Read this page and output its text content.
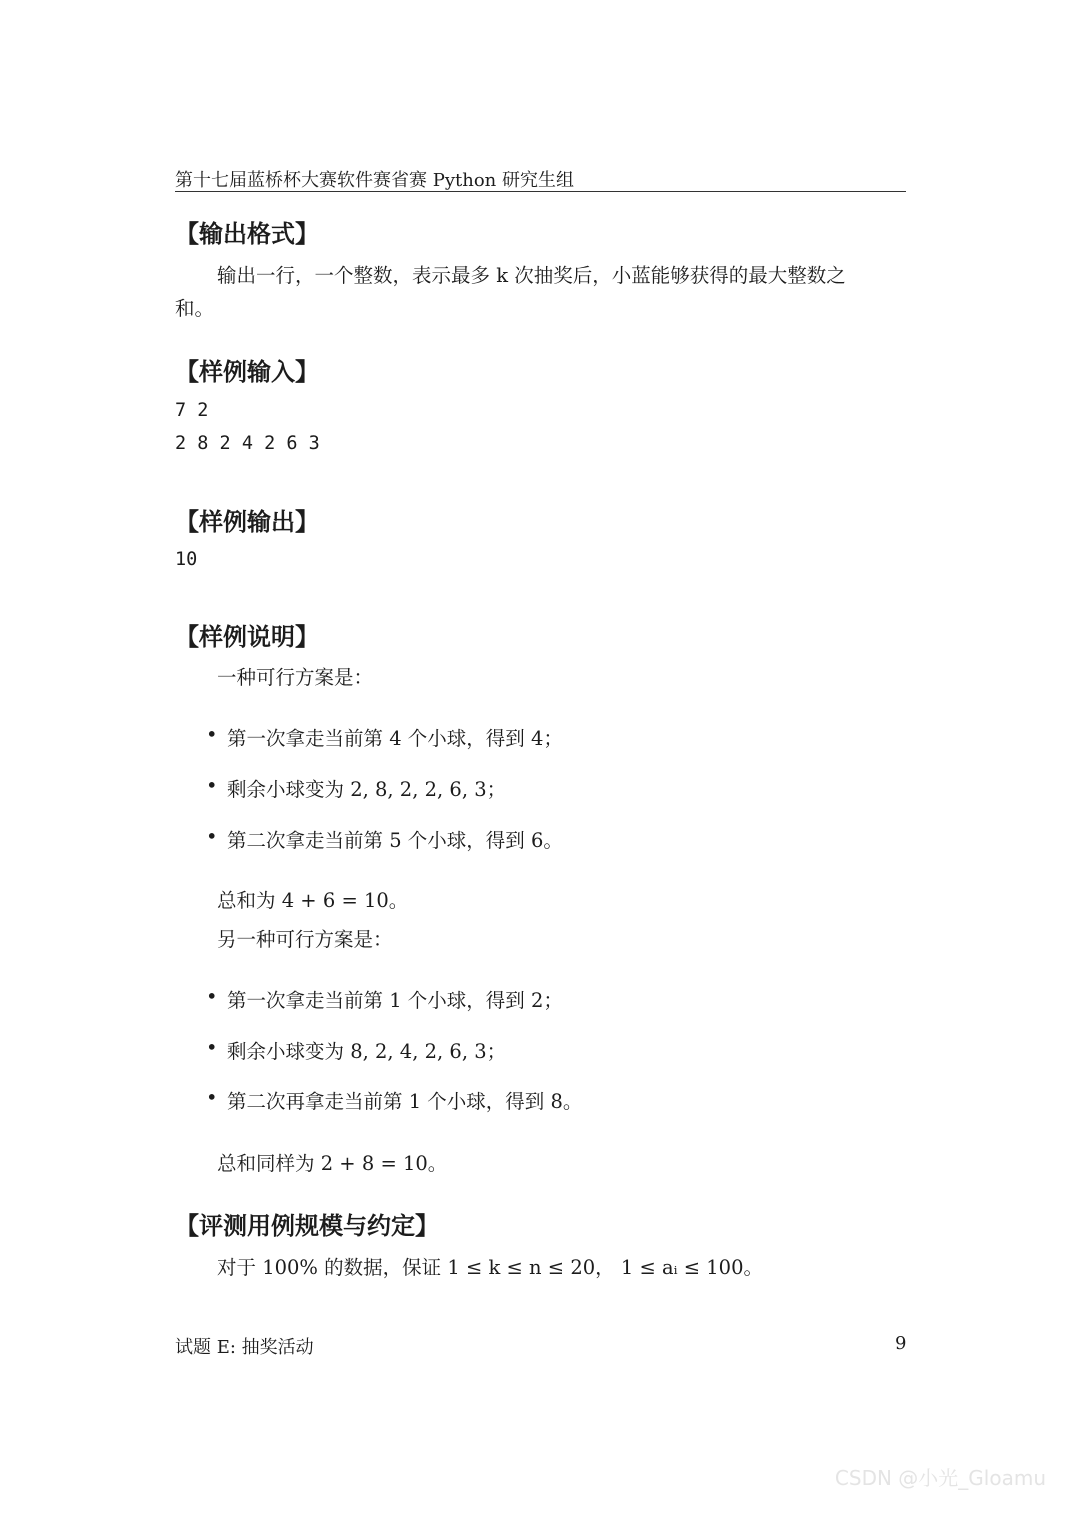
第十七届蓝桥杯大赛软件赛省赛 Python 研究生组
【输出格式】
输出一行，一个整数，表示最多 k 次抽奖后，小蓝能够获得的最大整数之
和。
【样例输入】
7 2
2 8 2 4 2 6 3
【样例输出】
10
【样例说明】
一种可行方案是：
• 第一次拿走当前第 4 个小球，得到 4；
• 剩余小球变为 2, 8, 2, 2, 6, 3；
• 第二次拿走当前第 5 个小球，得到 6。
总和为 4 + 6 = 10。
另一种可行方案是：
• 第一次拿走当前第 1 个小球，得到 2；
• 剩余小球变为 8, 2, 4, 2, 6, 3；
• 第二次再拿走当前第 1 个小球，得到 8。
总和同样为 2 + 8 = 10。
【评测用例规模与约定】
对于 100% 的数据，保证 1 ≤ k ≤ n ≤ 20， 1 ≤ aᵢ ≤ 100。
试题 E: 抽奖活动	9
CSDN @小光_Gloamu
